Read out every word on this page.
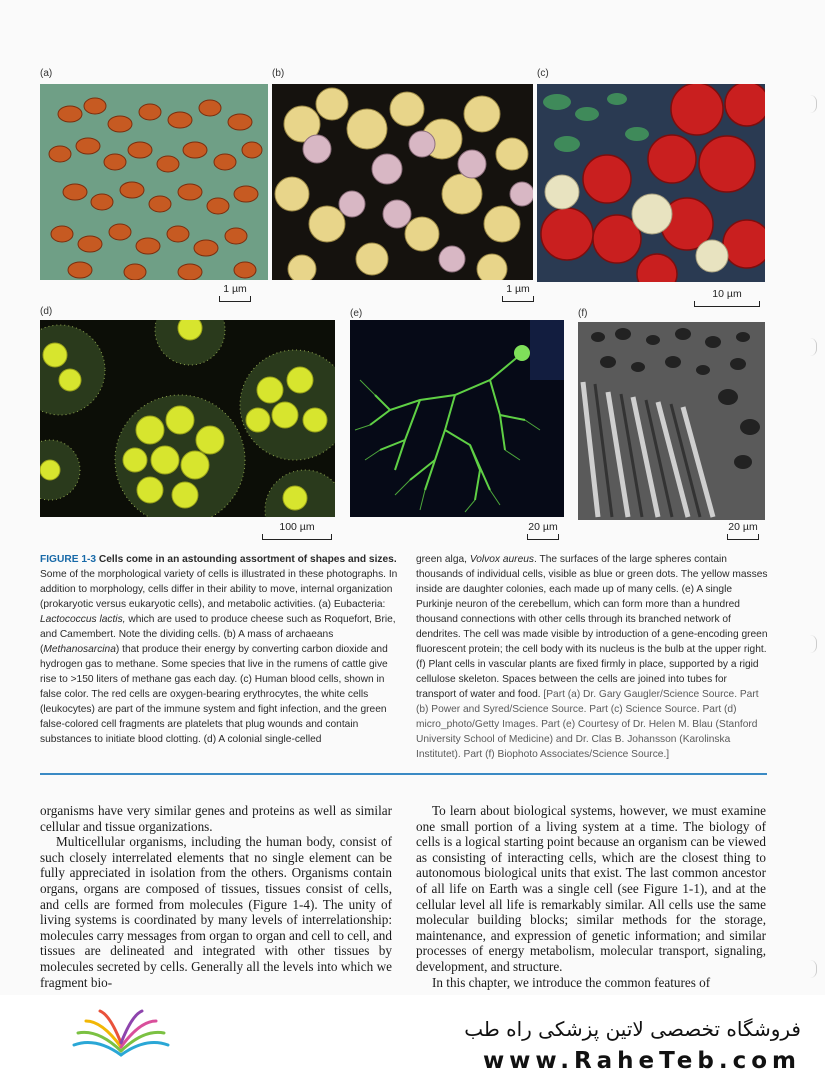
(a)
1 µm
(b)
1 µm
(c)
10 µm
(d)
100 µm
(e)
20 µm
(f)
20 µm
FIGURE 1-3 Cells come in an astounding assortment of shapes and sizes. Some of the morphological variety of cells is illustrated in these photographs. In addition to morphology, cells differ in their ability to move, internal organization (prokaryotic versus eukaryotic cells), and metabolic activities. (a) Eubacteria: Lactococcus lactis, which are used to produce cheese such as Roquefort, Brie, and Camembert. Note the dividing cells. (b) A mass of archaeans (Methanosarcina) that produce their energy by converting carbon dioxide and hydrogen gas to methane. Some species that live in the rumens of cattle give rise to >150 liters of methane gas each day. (c) Human blood cells, shown in false color. The red cells are oxygen-bearing erythrocytes, the white cells (leukocytes) are part of the immune system and fight infection, and the green false-colored cell fragments are platelets that plug wounds and contain substances to initiate blood clotting. (d) A colonial single-celled
green alga, Volvox aureus. The surfaces of the large spheres contain thousands of individual cells, visible as blue or green dots. The yellow masses inside are daughter colonies, each made up of many cells. (e) A single Purkinje neuron of the cerebellum, which can form more than a hundred thousand connections with other cells through its branched network of dendrites. The cell was made visible by introduction of a gene-encoding green fluorescent protein; the cell body with its nucleus is the bulb at the upper right. (f) Plant cells in vascular plants are fixed firmly in place, supported by a rigid cellulose skeleton. Spaces between the cells are joined into tubes for transport of water and food. [Part (a) Dr. Gary Gaugler/Science Source. Part (b) Power and Syred/Science Source. Part (c) Science Source. Part (d) micro_photo/Getty Images. Part (e) Courtesy of Dr. Helen M. Blau (Stanford University School of Medicine) and Dr. Clas B. Johansson (Karolinska Institutet). Part (f) Biophoto Associates/Science Source.]

organisms have very similar genes and proteins as well as similar cellular and tissue organizations.

Multicellular organisms, including the human body, consist of such closely interrelated elements that no single element can be fully appreciated in isolation from the others. Organisms contain organs, organs are composed of tissues, tissues consist of cells, and cells are formed from molecules (Figure 1-4). The unity of living systems is coordinated by many levels of interrelationship: molecules carry messages from organ to organ and cell to cell, and tissues are delineated and integrated with other tissues by molecules secreted by cells. Generally all the levels into which we fragment bio-

To learn about biological systems, however, we must examine one small portion of a living system at a time. The biology of cells is a logical starting point because an organism can be viewed as consisting of interacting cells, which are the closest thing to autonomous biological units that exist. The last common ancestor of all life on Earth was a single cell (see Figure 1-1), and at the cellular level all life is remarkably similar. All cells use the same molecular building blocks; similar methods for the storage, maintenance, and expression of genetic information; and similar processes of energy metabolism, molecular transport, signaling, development, and structure.

In this chapter, we introduce the common features of

فروشگاه تخصصی لاتین پزشکی راه طب
www.RaheTeb.com
